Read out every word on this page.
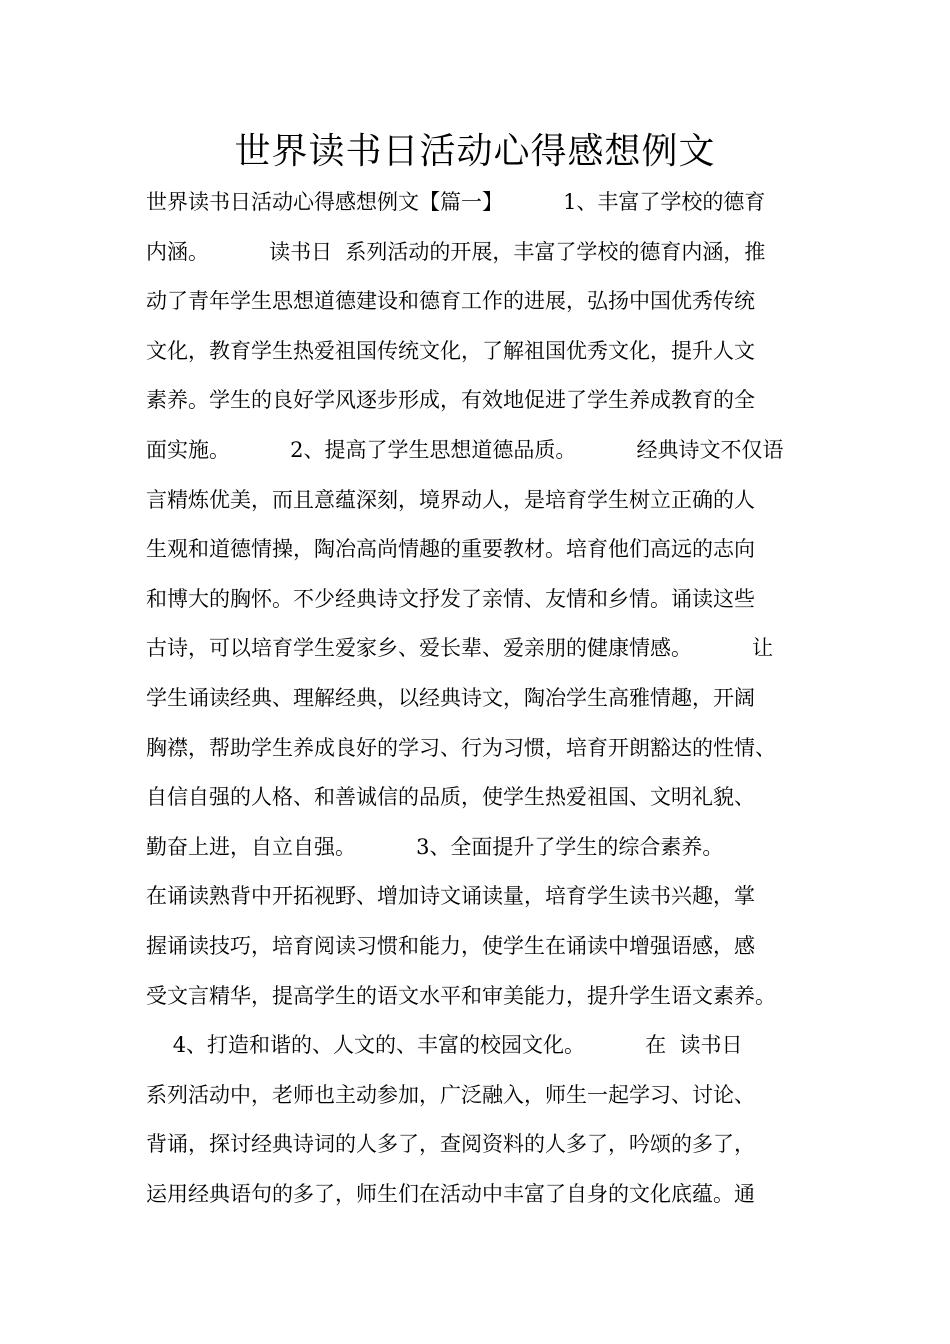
世界读书日活动心得感想例文
世界读书日活动心得感想例文【篇一】         1、丰富了学校的德育
内涵。         读书日  系列活动的开展，丰富了学校的德育内涵，推
动了青年学生思想道德建设和德育工作的进展，弘扬中国优秀传统
文化，教育学生热爱祖国传统文化，了解祖国优秀文化，提升人文
素养。学生的良好学风逐步形成，有效地促进了学生养成教育的全
面实施。         2、提高了学生思想道德品质。         经典诗文不仅语
言精炼优美，而且意蕴深刻，境界动人，是培育学生树立正确的人
生观和道德情操，陶冶高尚情趣的重要教材。培育他们高远的志向
和博大的胸怀。不少经典诗文抒发了亲情、友情和乡情。诵读这些
古诗，可以培育学生爱家乡、爱长辈、爱亲朋的健康情感。         让
学生诵读经典、理解经典，以经典诗文，陶冶学生高雅情趣，开阔
胸襟，帮助学生养成良好的学习、行为习惯，培育开朗豁达的性情、
自信自强的人格、和善诚信的品质，使学生热爱祖国、文明礼貌、
勤奋上进，自立自强。         3、全面提升了学生的综合素养。
在诵读熟背中开拓视野、增加诗文诵读量，培育学生读书兴趣，掌
握诵读技巧，培育阅读习惯和能力，使学生在诵读中增强语感，感
受文言精华，提高学生的语文水平和审美能力，提升学生语文素养。
4、打造和谐的、人文的、丰富的校园文化。         在  读书日
系列活动中，老师也主动参加，广泛融入，师生一起学习、讨论、
背诵，探讨经典诗词的人多了，查阅资料的人多了，吟颂的多了，
运用经典语句的多了，师生们在活动中丰富了自身的文化底蕴。通
